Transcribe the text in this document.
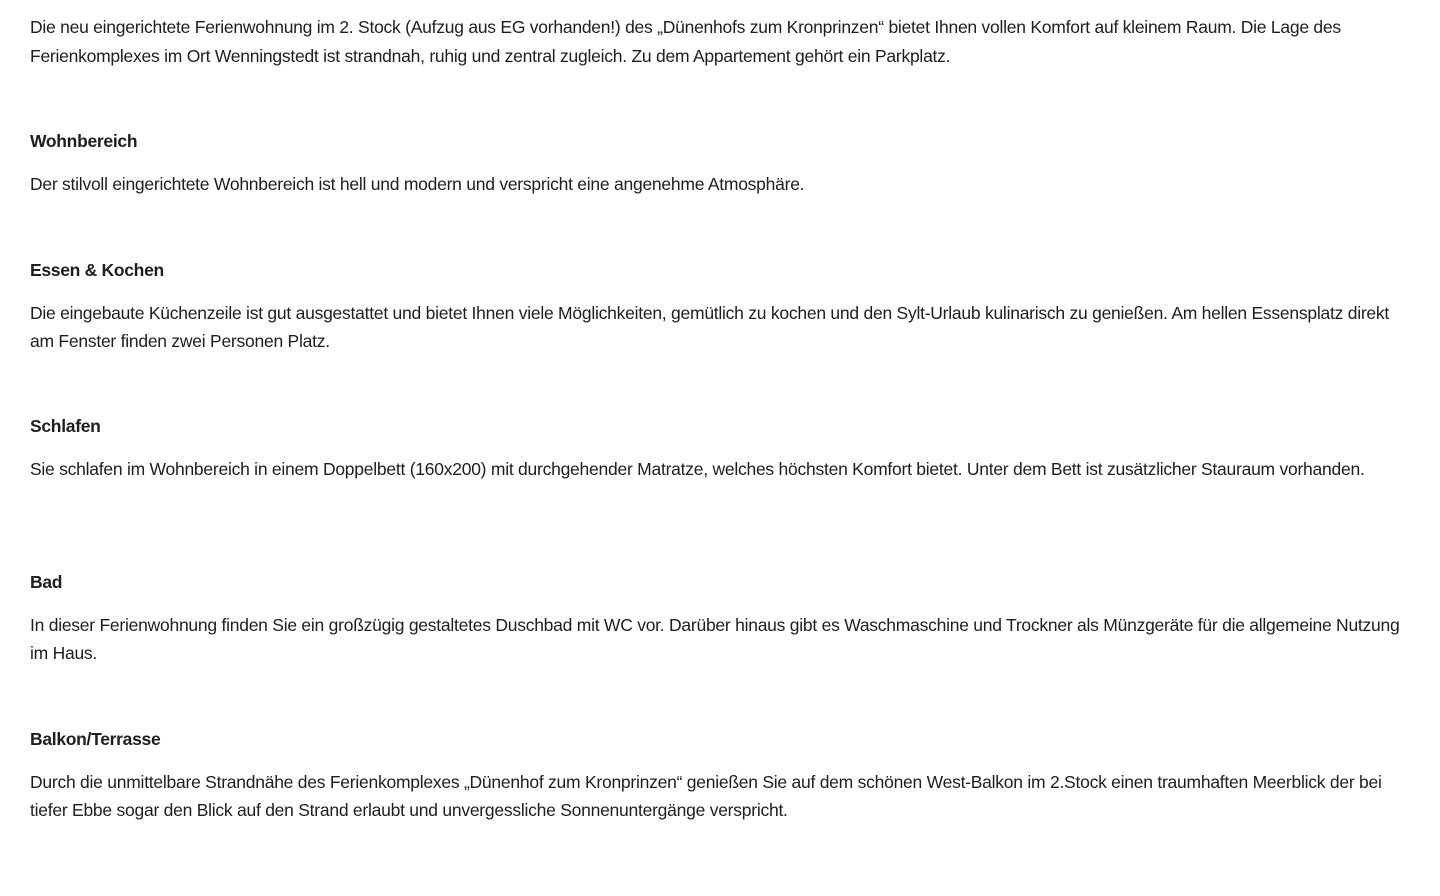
Die neu eingerichtete Ferienwohnung im 2. Stock (Aufzug aus EG vorhanden!) des „Dünenhofs zum Kronprinzen“ bietet Ihnen vollen Komfort auf kleinem Raum. Die Lage des Ferienkomplexes im Ort Wenningstedt ist strandnah, ruhig und zentral zugleich. Zu dem Appartement gehört ein Parkplatz.

Wohnbereich

Der stilvoll eingerichtete Wohnbereich ist hell und modern und verspricht eine angenehme Atmosphäre.

Essen & Kochen

Die eingebaute Küchenzeile ist gut ausgestattet und bietet Ihnen viele Möglichkeiten, gemütlich zu kochen und den Sylt-Urlaub kulinarisch zu genießen. Am hellen Essensplatz direkt am Fenster finden zwei Personen Platz.

Schlafen

Sie schlafen im Wohnbereich in einem Doppelbett (160x200) mit durchgehender Matratze, welches höchsten Komfort bietet. Unter dem Bett ist zusätzlicher Stauraum vorhanden.

Bad

In dieser Ferienwohnung finden Sie ein großzügig gestaltetes Duschbad mit WC vor. Darüber hinaus gibt es Waschmaschine und Trockner als Münzgeräte für die allgemeine Nutzung im Haus.

Balkon/Terrasse

Durch die unmittelbare Strandnähe des Ferienkomplexes „Dünenhof zum Kronprinzen“ genießen Sie auf dem schönen West-Balkon im 2.Stock einen traumhaften Meerblick der bei tiefer Ebbe sogar den Blick auf den Strand erlaubt und unvergessliche Sonnenuntergänge verspricht.
